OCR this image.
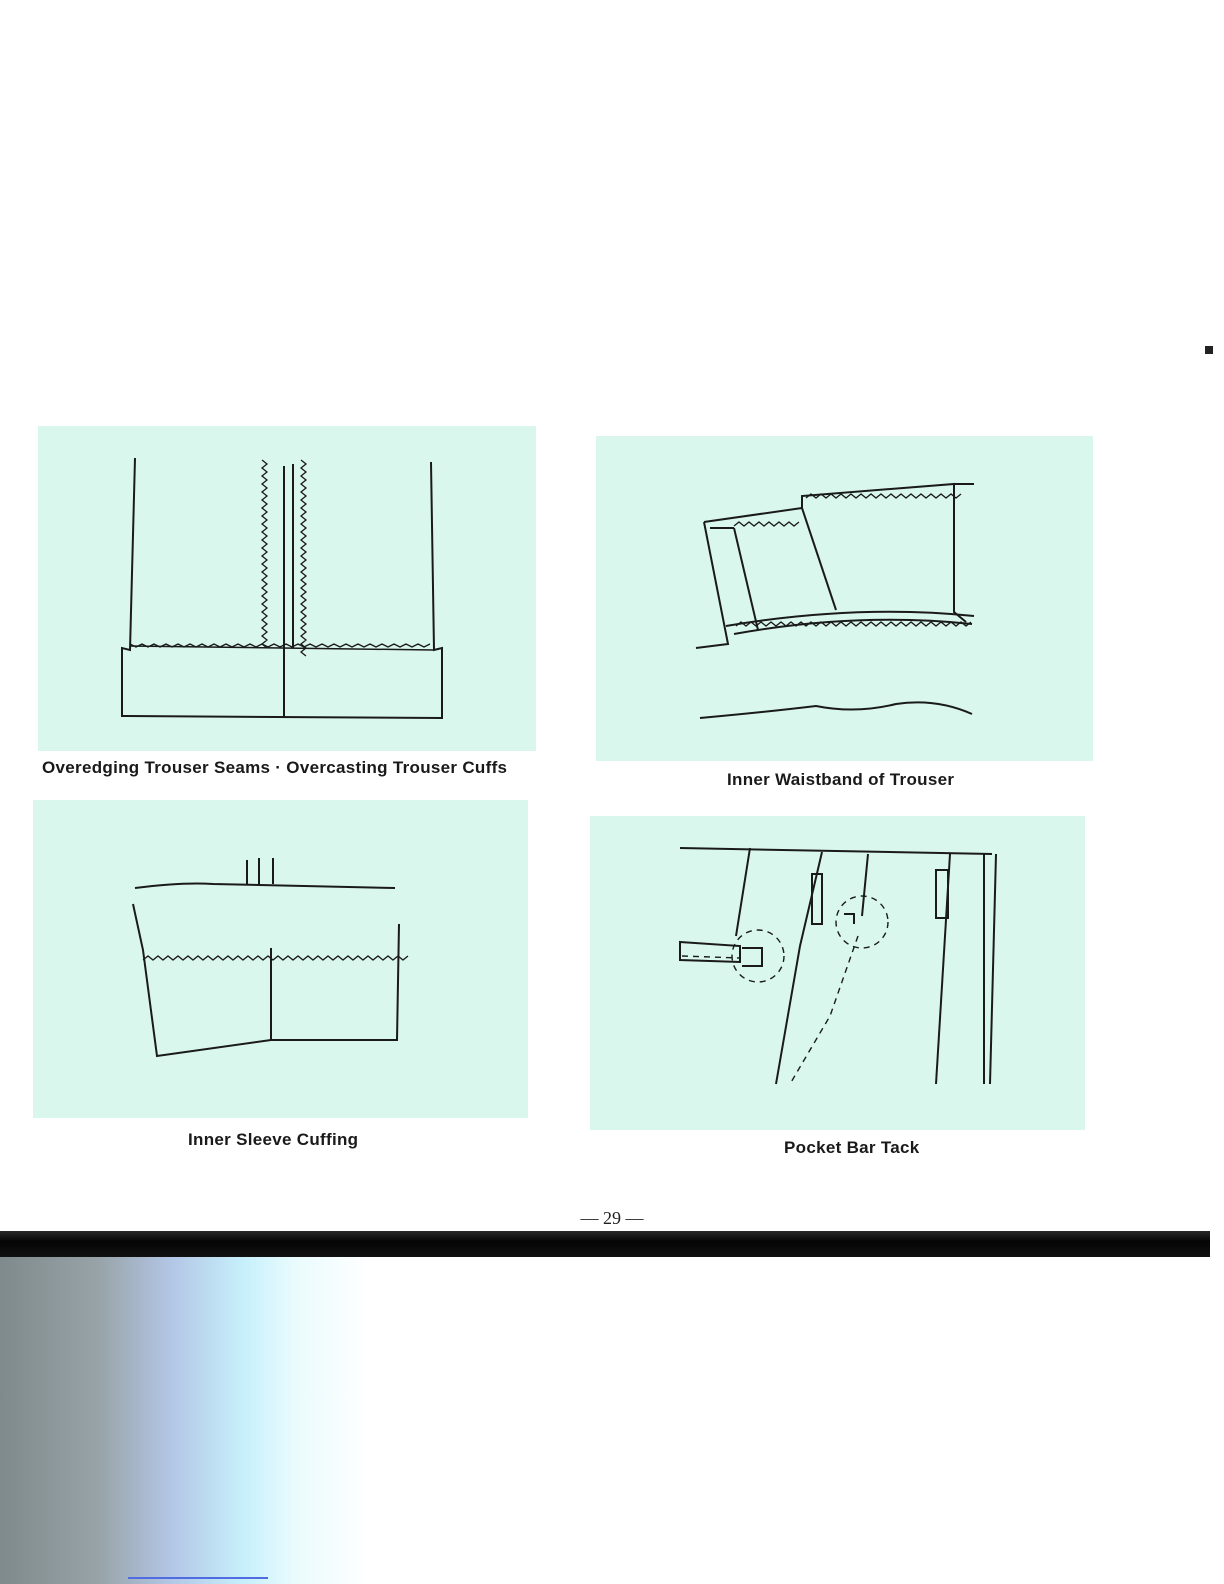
Overedging Trouser Seams · Overcasting Trouser Cuffs
Inner Waistband of Trouser
Inner Sleeve Cuffing	Pocket Bar Tack
— 29 —
